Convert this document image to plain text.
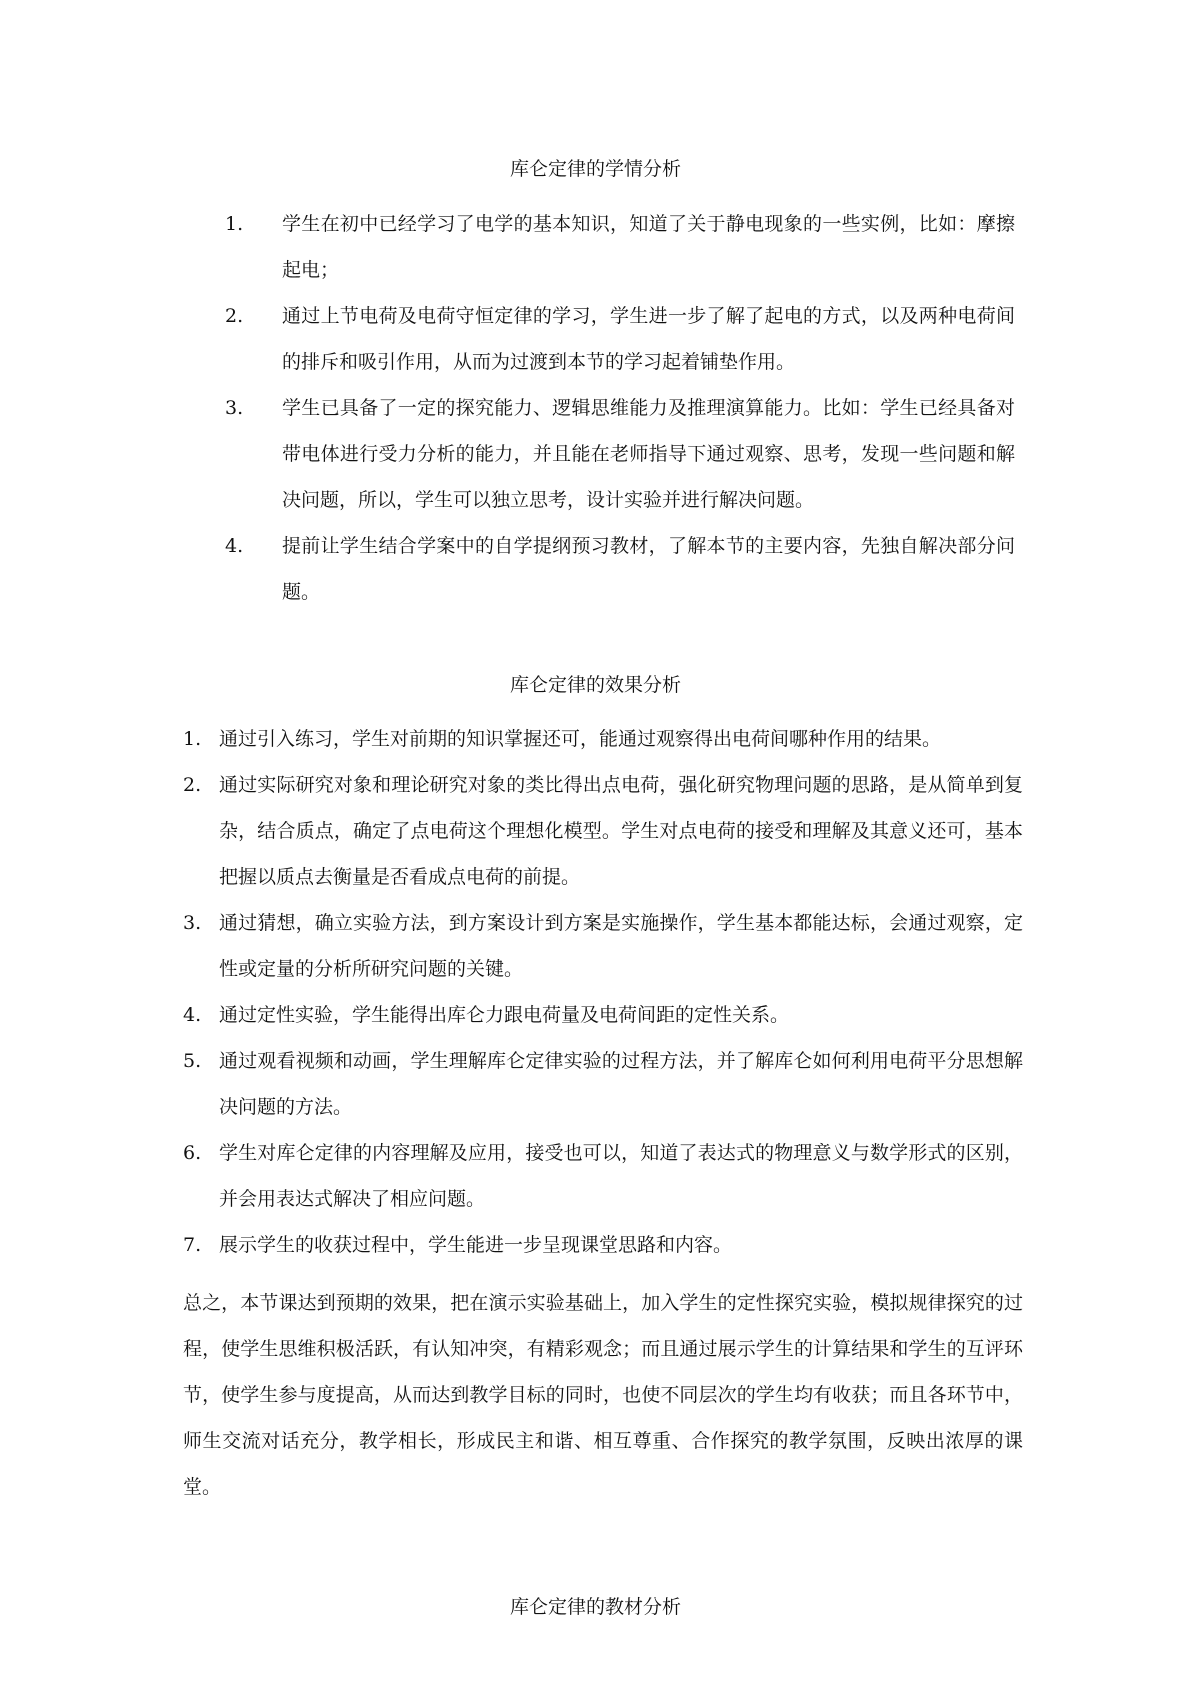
库仑定律的学情分析
1. 学生在初中已经学习了电学的基本知识，知道了关于静电现象的一些实例，比如：摩擦起电；
2. 通过上节电荷及电荷守恒定律的学习，学生进一步了解了起电的方式，以及两种电荷间的排斥和吸引作用，从而为过渡到本节的学习起着铺垫作用。
3. 学生已具备了一定的探究能力、逻辑思维能力及推理演算能力。比如：学生已经具备对带电体进行受力分析的能力，并且能在老师指导下通过观察、思考，发现一些问题和解决问题，所以，学生可以独立思考，设计实验并进行解决问题。
4. 提前让学生结合学案中的自学提纲预习教材，了解本节的主要内容，先独自解决部分问题。
库仑定律的效果分析
1. 通过引入练习，学生对前期的知识掌握还可，能通过观察得出电荷间哪种作用的结果。
2. 通过实际研究对象和理论研究对象的类比得出点电荷，强化研究物理问题的思路，是从简单到复杂，结合质点，确定了点电荷这个理想化模型。学生对点电荷的接受和理解及其意义还可，基本把握以质点去衡量是否看成点电荷的前提。
3. 通过猜想，确立实验方法，到方案设计到方案是实施操作，学生基本都能达标，会通过观察，定性或定量的分析所研究问题的关键。
4. 通过定性实验，学生能得出库仑力跟电荷量及电荷间距的定性关系。
5. 通过观看视频和动画，学生理解库仑定律实验的过程方法，并了解库仑如何利用电荷平分思想解决问题的方法。
6. 学生对库仑定律的内容理解及应用，接受也可以，知道了表达式的物理意义与数学形式的区别，并会用表达式解决了相应问题。
7. 展示学生的收获过程中，学生能进一步呈现课堂思路和内容。

总之，本节课达到预期的效果，把在演示实验基础上，加入学生的定性探究实验，模拟规律探究的过程，使学生思维积极活跃，有认知冲突，有精彩观念；而且通过展示学生的计算结果和学生的互评环节，使学生参与度提高，从而达到教学目标的同时，也使不同层次的学生均有收获；而且各环节中，师生交流对话充分，教学相长，形成民主和谐、相互尊重、合作探究的教学氛围，反映出浓厚的课堂。

库仑定律的教材分析
